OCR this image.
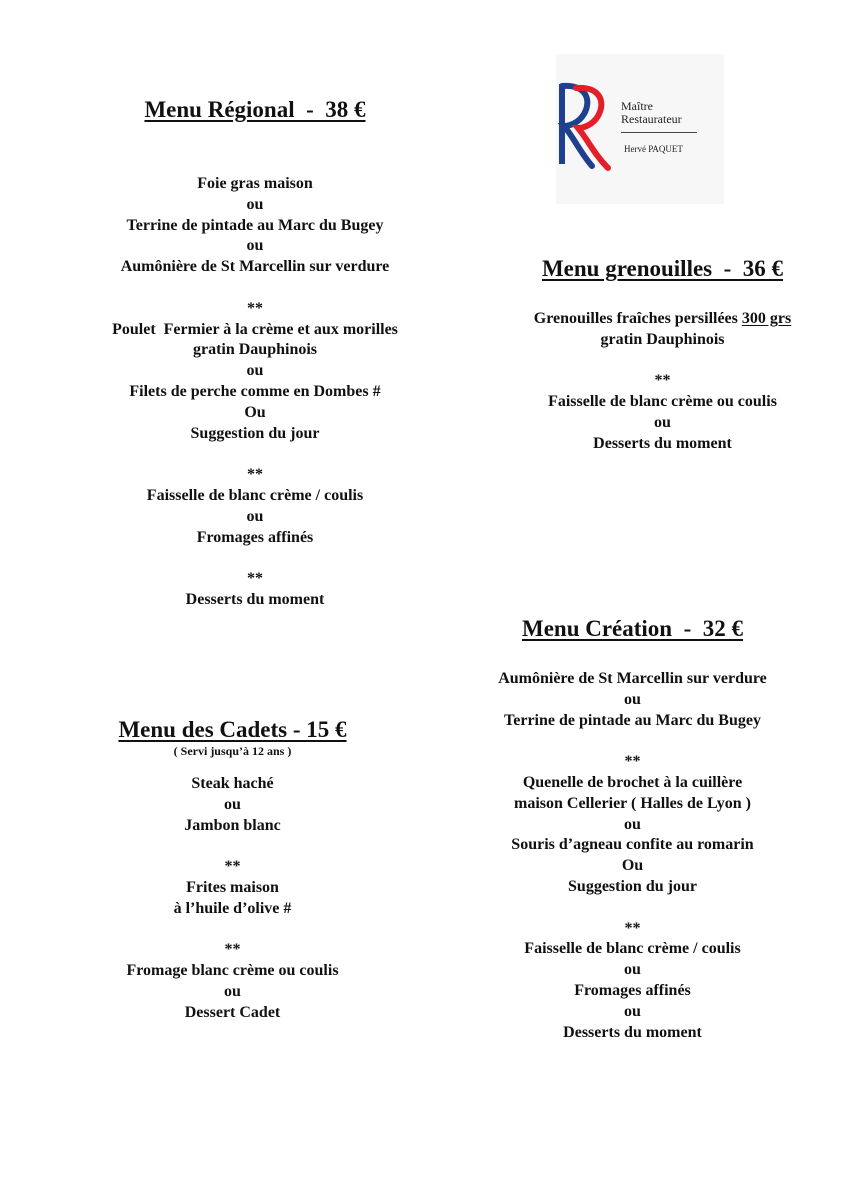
Maître
Restaurateur
Hervé PAQUET
Menu Régional  -  38 €
Foie gras maison
ou
Terrine de pintade au Marc du Bugey
ou
Aumônière de St Marcellin sur verdure
**
Poulet  Fermier à la crème et aux morilles
gratin Dauphinois
ou
Filets de perche comme en Dombes #
Ou
Suggestion du jour
**
Faisselle de blanc crème / coulis
ou
Fromages affinés
**
Desserts du moment
Menu grenouilles  -  36 €
Grenouilles fraîches persillées 300 grs
gratin Dauphinois
**
Faisselle de blanc crème ou coulis
ou
Desserts du moment
Menu Création  -  32 €
Aumônière de St Marcellin sur verdure
ou
Terrine de pintade au Marc du Bugey
**
Quenelle de brochet à la cuillère
maison Cellerier ( Halles de Lyon )
ou
Souris d’agneau confite au romarin
Ou
Suggestion du jour
**
Faisselle de blanc crème / coulis
ou
Fromages affinés
ou
Desserts du moment
Menu des Cadets - 15 €
( Servi jusqu’à 12 ans )
Steak haché
ou
Jambon blanc
**
Frites maison
à l’huile d’olive #
**
Fromage blanc crème ou coulis
ou
Dessert Cadet
